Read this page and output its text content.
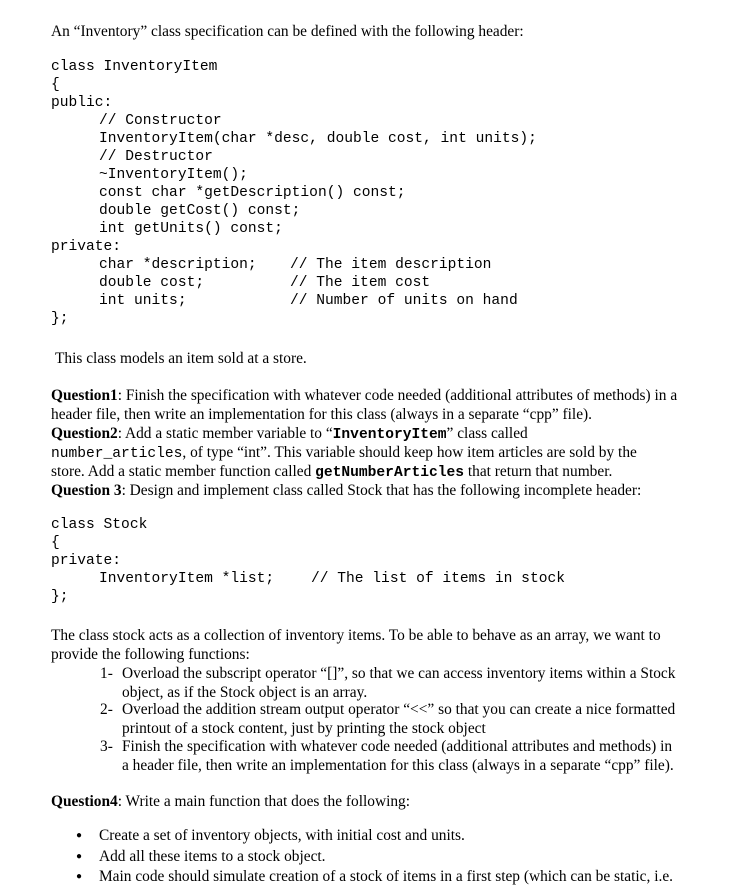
An “Inventory” class specification can be defined with the following header:
class InventoryItem
{
public:
// Constructor
InventoryItem(char *desc, double cost, int units);
// Destructor
~InventoryItem();
const char *getDescription() const;
double getCost() const;
int getUnits() const;
private:
char *description; // The item description
double cost;	// The item cost
int units;	// Number of units on hand
};
This class models an item sold at a store.
Question1: Finish the specification with whatever code needed (additional attributes of methods) in a
header file, then write an implementation for this class (always in a separate “cpp” file).
Question2: Add a static member variable to “InventoryItem” class called
number_articles, of type “int”. This variable should keep how item articles are sold by the
store. Add a static member function called getNumberArticles that return that number.
Question 3: Design and implement class called Stock that has the following incomplete header:
class Stock
{
private:
InventoryItem *list;	// The list of items in stock
};
The class stock acts as a collection of inventory items. To be able to behave as an array, we want to
provide the following functions:
1- Overload the subscript operator “[]”, so that we can access inventory items within a Stock
object, as if the Stock object is an array.
2- Overload the addition stream output operator “<<” so that you can create a nice formatted
printout of a stock content, just by printing the stock object
3- Finish the specification with whatever code needed (additional attributes and methods) in
a header file, then write an implementation for this class (always in a separate “cpp” file).
Question4: Write a main function that does the following:
● Create a set of inventory objects, with initial cost and units.
● Add all these items to a stock object.
● Main code should simulate creation of a stock of items in a first step (which can be static, i.e.
